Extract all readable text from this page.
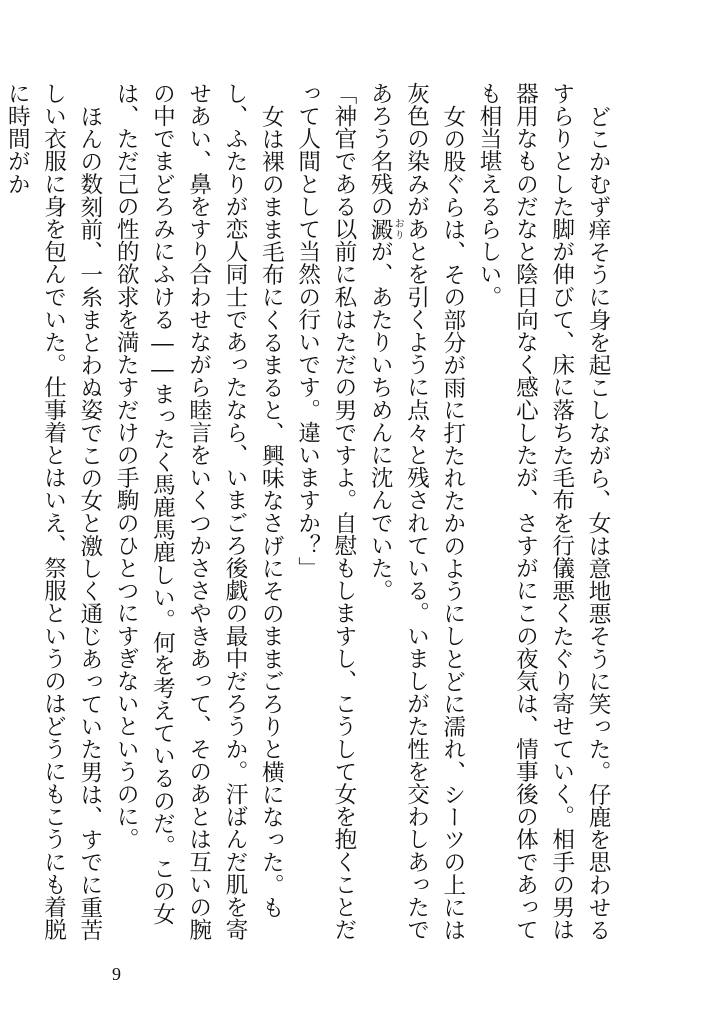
どこかむず痒そうに身を起こしながら、女は意地悪そうに笑った。仔鹿を思わせるすらりとした脚が伸びて、床に落ちた毛布を行儀悪くたぐり寄せていく。相手の男は器用なものだなと陰日向なく感心したが、さすがにこの夜気は、情事後の体であっても相当堪えるらしい。

女の股ぐらは、その部分が雨に打たれたかのようにしとどに濡れ、シーツの上には灰色の染みがあとを引くように点々と残されている。いましがた性を交わしあったであろう名残の澱 おりが、あたりいちめんに沈んでいた。

「神官である以前に私はただの男ですよ。自慰もしますし、こうして女を抱くことだって人間として当然の行いです。違いますか？」

女は裸のまま毛布にくるまると、興味なさげにそのままごろりと横になった。もし、ふたりが恋人同士であったなら、いまごろ後戯の最中だろうか。汗ばんだ肌を寄せあい、鼻をすり合わせながら睦言をいくつかささやきあって、そのあとは互いの腕の中でまどろみにふける――まったく馬鹿馬鹿しい。何を考えているのだ。この女は、ただ己の性的欲求を満たすだけの手駒のひとつにすぎないというのに。

ほんの数刻前、一糸まとわぬ姿でこの女と激しく通じあっていた男は、すでに重苦しい衣服に身を包んでいた。仕事着とはいえ、祭服というのはどうにもこうにも着脱に時間がか

9
